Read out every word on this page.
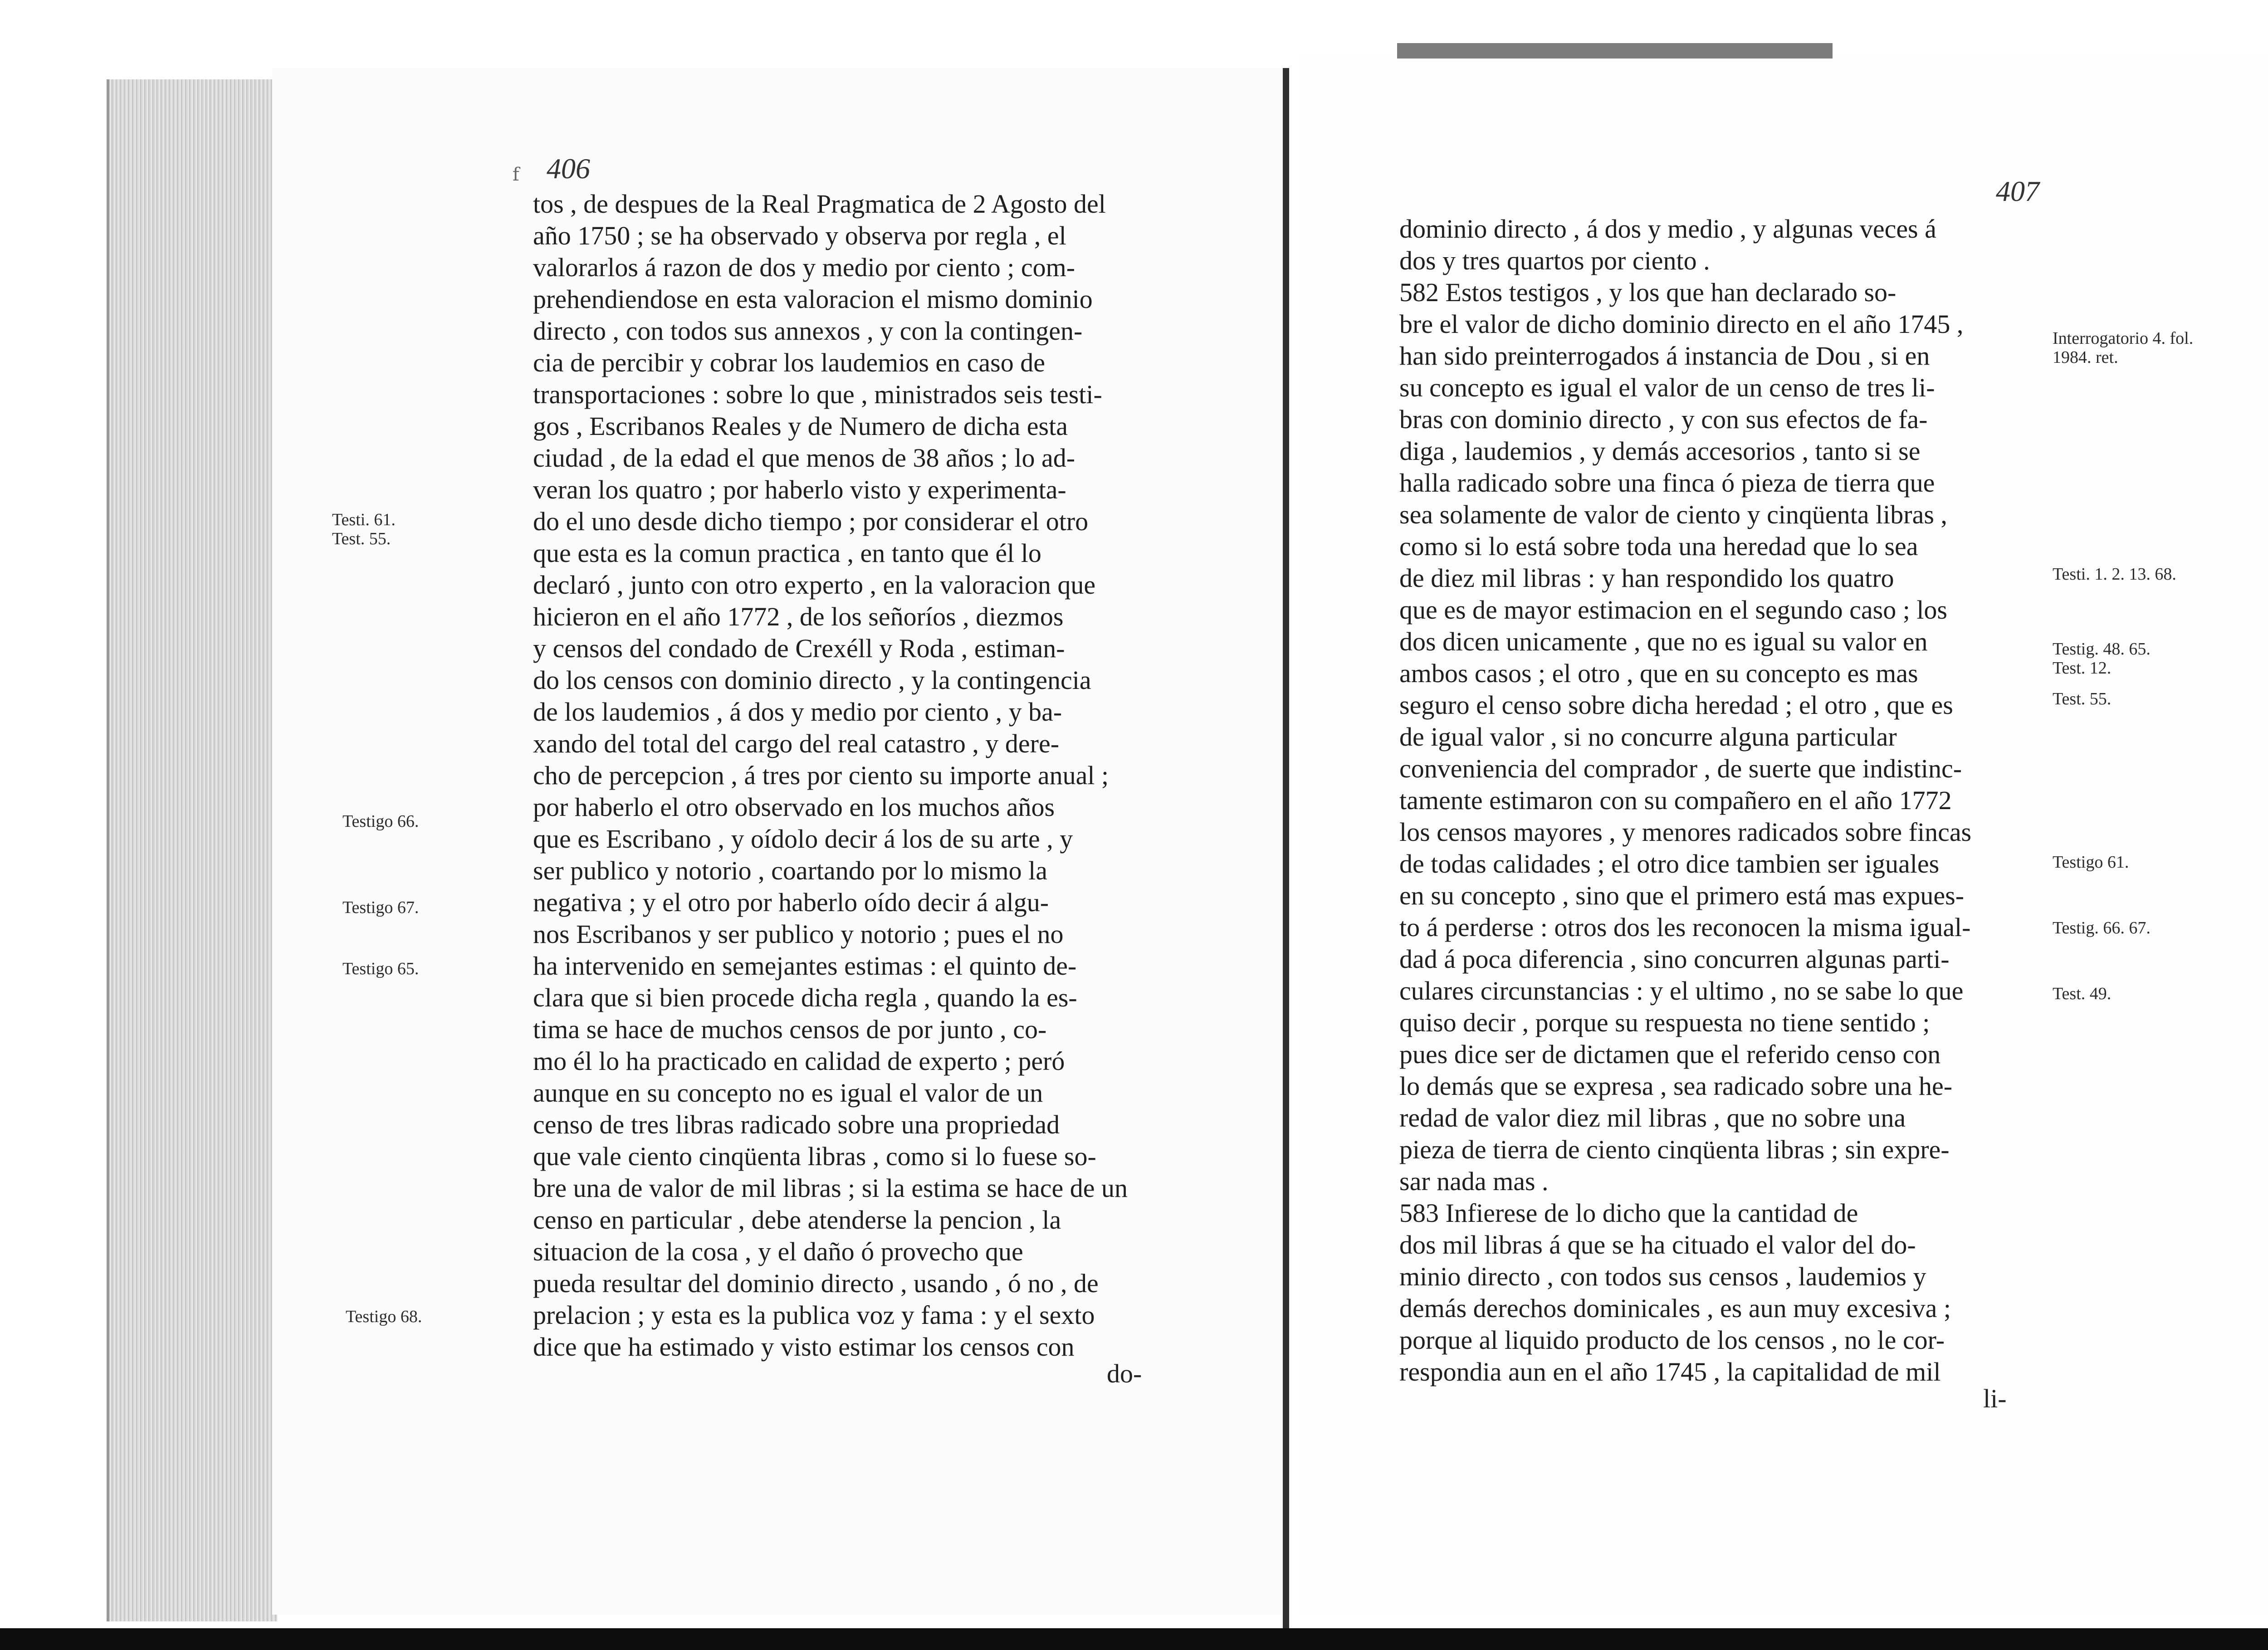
f 406
tos , de despues de la Real Pragmatica de 2 Agosto del
año 1750 ; se ha observado y observa por regla , el
valorarlos á razon de dos y medio por ciento ; com-
prehendiendose en esta valoracion el mismo dominio
directo , con todos sus annexos , y con la contingen-
cia de percibir y cobrar los laudemios en caso de
transportaciones : sobre lo que , ministrados seis testi-
gos , Escribanos Reales y de Numero de dicha esta
ciudad , de la edad el que menos de 38 años ; lo ad-
veran los quatro ; por haberlo visto y experimenta-
do el uno desde dicho tiempo ; por considerar el otro
que esta es la comun practica , en tanto que él lo
declaró , junto con otro experto , en la valoracion que
hicieron en el año 1772 , de los señoríos , diezmos
y censos del condado de Crexéll y Roda , estiman-
do los censos con dominio directo , y la contingencia
de los laudemios , á dos y medio por ciento , y ba-
xando del total del cargo del real catastro , y dere-
cho de percepcion , á tres por ciento su importe anual ;
por haberlo el otro observado en los muchos años
que es Escribano , y oídolo decir á los de su arte , y
ser publico y notorio , coartando por lo mismo la
negativa ; y el otro por haberlo oído decir á algu-
nos Escribanos y ser publico y notorio ; pues el no
ha intervenido en semejantes estimas : el quinto de-
clara que si bien procede dicha regla , quando la es-
tima se hace de muchos censos de por junto , co-
mo él lo ha practicado en calidad de experto ; peró
aunque en su concepto no es igual el valor de un
censo de tres libras radicado sobre una propriedad
que vale ciento cinqüenta libras , como si lo fuese so-
bre una de valor de mil libras ; si la estima se hace de un
censo en particular , debe atenderse la pencion , la
situacion de la cosa , y el daño ó provecho que
pueda resultar del dominio directo , usando , ó no , de
prelacion ; y esta es la publica voz y fama : y el sexto
dice que ha estimado y visto estimar los censos con
do-
Testi. 61.
Test. 55.
Testigo 66.
Testigo 67.
Testigo 65.
Testigo 68.
407
dominio directo , á dos y medio , y algunas veces á
dos y tres quartos por ciento .
582 Estos testigos , y los que han declarado so-
bre el valor de dicho dominio directo en el año 1745 ,
han sido preinterrogados á instancia de Dou , si en
su concepto es igual el valor de un censo de tres li-
bras con dominio directo , y con sus efectos de fa-
diga , laudemios , y demás accesorios , tanto si se
halla radicado sobre una finca ó pieza de tierra que
sea solamente de valor de ciento y cinqüenta libras ,
como si lo está sobre toda una heredad que lo sea
de diez mil libras : y han respondido los quatro
que es de mayor estimacion en el segundo caso ; los
dos dicen unicamente , que no es igual su valor en
ambos casos ; el otro , que en su concepto es mas
seguro el censo sobre dicha heredad ; el otro , que es
de igual valor , si no concurre alguna particular
conveniencia del comprador , de suerte que indistinc-
tamente estimaron con su compañero en el año 1772
los censos mayores , y menores radicados sobre fincas
de todas calidades ; el otro dice tambien ser iguales
en su concepto , sino que el primero está mas expues-
to á perderse : otros dos les reconocen la misma igual-
dad á poca diferencia , sino concurren algunas parti-
culares circunstancias : y el ultimo , no se sabe lo que
quiso decir , porque su respuesta no tiene sentido ;
pues dice ser de dictamen que el referido censo con
lo demás que se expresa , sea radicado sobre una he-
redad de valor diez mil libras , que no sobre una
pieza de tierra de ciento cinqüenta libras ; sin expre-
sar nada mas .
583 Infierese de lo dicho que la cantidad de
dos mil libras á que se ha cituado el valor del do-
minio directo , con todos sus censos , laudemios y
demás derechos dominicales , es aun muy excesiva ;
porque al liquido producto de los censos , no le cor-
respondia aun en el año 1745 , la capitalidad de mil
li-
Interrogatorio 4. fol.
1984. ret.
Testi. 1. 2. 13. 68.
Testig. 48. 65.
Test. 12.
Test. 55.
Testigo 61.
Testig. 66. 67.
Test. 49.
